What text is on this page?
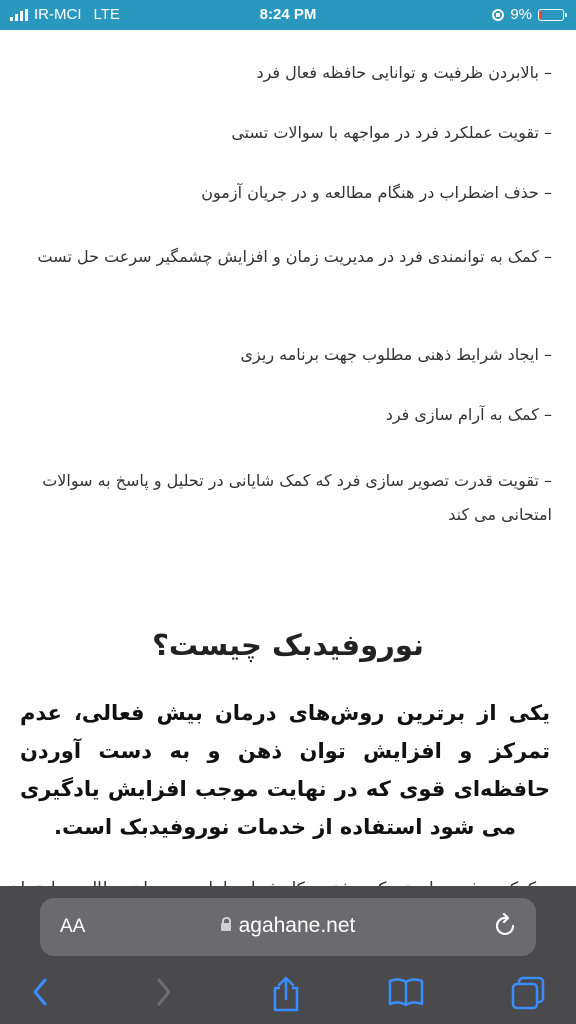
IR-MCI LTE	8:24 PM	9%
– بالابردن ظرفیت و توانایی حافظه فعال فرد
– تقویت عملکرد فرد در مواجهه با سوالات تستی
– حذف اضطراب در هنگام مطالعه و در جریان آزمون
– کمک به توانمندی فرد در مدیریت زمان و افزایش چشمگیر سرعت حل تست
– ایجاد شرایط ذهنی مطلوب جهت برنامه ریزی
– کمک به آرام سازی فرد
– تقویت قدرت تصویر سازی فرد که کمک شایانی در تحلیل و پاسخ به سوالات امتحانی می کند
نوروفیدبک چیست؟
یکی از برترین روش‌های درمان بیش فعالی، عدم تمرکز و افزایش توان ذهن و به دست آوردن حافظه‌ای قوی که در نهایت موجب افزایش یادگیری می شود استفاده از خدمات نوروفیدبک است.
AA	agahane.net
